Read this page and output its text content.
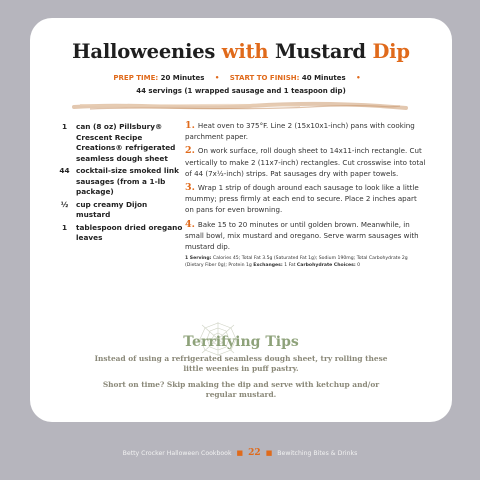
Halloweenies with Mustard Dip
PREP TIME: 20 Minutes • START TO FINISH: 40 Minutes •
44 servings (1 wrapped sausage and 1 teaspoon dip)
1	can (8 oz) Pillsbury® Crescent Recipe Creations® refrigerated seamless dough sheet
44 cocktail-size smoked link sausages (from a 1-lb package)
½	cup creamy Dijon mustard
1	tablespoon dried oregano leaves

1. Heat oven to 375°F. Line 2 (15x10x1-inch) pans with cooking parchment paper.

2. On work surface, roll dough sheet to 14x11-inch rectangle. Cut vertically to make 2 (11x7-inch) rectangles. Cut crosswise into total of 44 (7x½-inch) strips. Pat sausages dry with paper towels.

3. Wrap 1 strip of dough around each sausage to look like a little mummy; press firmly at each end to secure. Place 2 inches apart on pans for even browning.

4. Bake 15 to 20 minutes or until golden brown. Meanwhile, in small bowl, mix mustard and oregano. Serve warm sausages with mustard dip.

1 Serving: Calories 45; Total Fat 3.5g (Saturated Fat 1g); Sodium 190mg; Total Carbohydrate 2g (Dietary Fiber 0g); Protein 1g Exchanges: 1 Fat Carbohydrate Choices: 0

Terrifying Tips
Instead of using a refrigerated seamless dough sheet, try rolling these little weenies in puff pastry.
Short on time? Skip making the dip and serve with ketchup and/or regular mustard.
Betty Crocker Halloween Cookbook ■ 22 ■ Bewitching Bites & Drinks
